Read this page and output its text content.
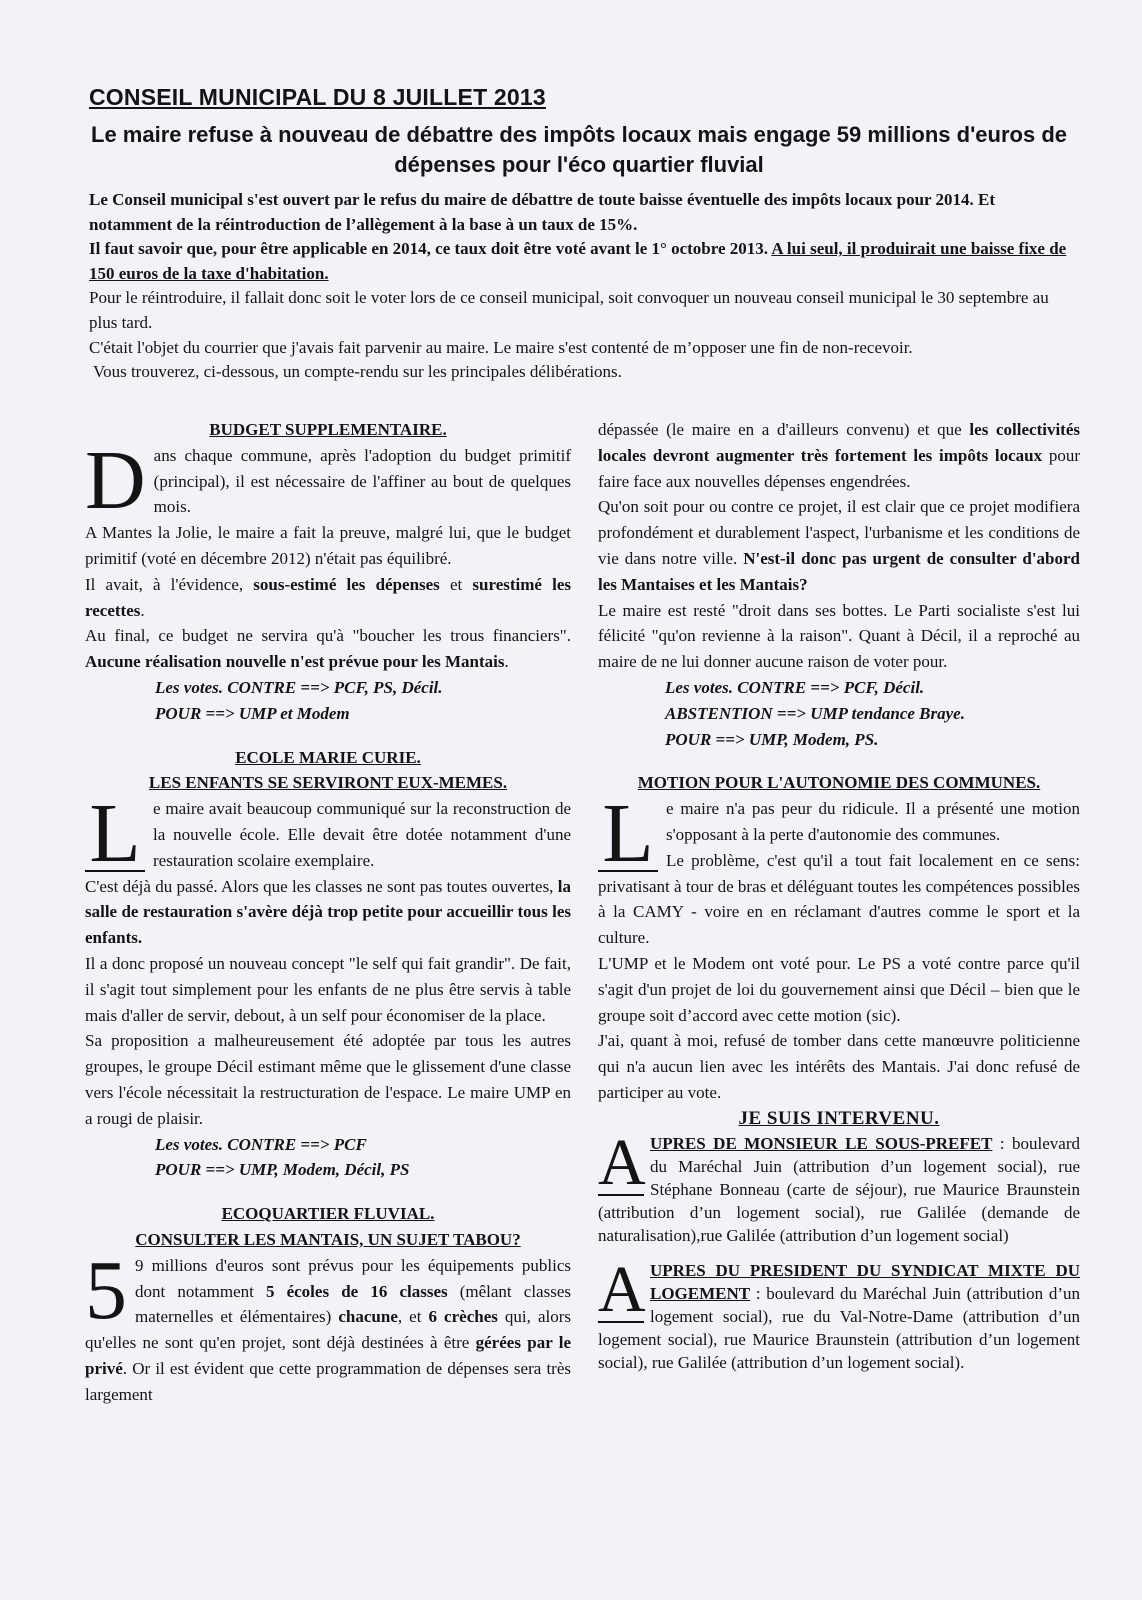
CONSEIL MUNICIPAL DU 8 JUILLET 2013
Le maire refuse à nouveau de débattre des impôts locaux mais engage 59 millions d'euros de dépenses pour l'éco quartier fluvial

Le Conseil municipal s'est ouvert par le refus du maire de débattre de toute baisse éventuelle des impôts locaux pour 2014. Et notamment de la réintroduction de l’allègement à la base à un taux de 15%.

Il faut savoir que, pour être applicable en 2014, ce taux doit être voté avant le 1° octobre 2013. A lui seul, il produirait une baisse fixe de 150 euros de la taxe d'habitation.

Pour le réintroduire, il fallait donc soit le voter lors de ce conseil municipal, soit convoquer un nouveau conseil municipal le 30 septembre au plus tard.

C'était l'objet du courrier que j'avais fait parvenir au maire. Le maire s'est contenté de m’opposer une fin de non-recevoir.

Vous trouverez, ci-dessous, un compte-rendu sur les principales délibérations.

BUDGET SUPPLEMENTAIRE.

Dans chaque commune, après l'adoption du budget primitif (principal), il est nécessaire de l'affiner au bout de quelques mois.

A Mantes la Jolie, le maire a fait la preuve, malgré lui, que le budget primitif (voté en décembre 2012) n'était pas équilibré.

Il avait, à l'évidence, sous-estimé les dépenses et surestimé les recettes.

Au final, ce budget ne servira qu'à "boucher les trous financiers". Aucune réalisation nouvelle n'est prévue pour les Mantais.

Les votes. CONTRE ==> PCF, PS, Décil.

POUR ==> UMP et Modem

ECOLE MARIE CURIE.

LES ENFANTS SE SERVIRONT EUX-MEMES.

L e maire avait beaucoup communiqué sur la reconstruction de la nouvelle école. Elle devait être dotée notamment d'une restauration scolaire exemplaire.

C'est déjà du passé. Alors que les classes ne sont pas toutes ouvertes, la salle de restauration s'avère déjà trop petite pour accueillir tous les enfants.

Il a donc proposé un nouveau concept "le self qui fait grandir". De fait, il s'agit tout simplement pour les enfants de ne plus être servis à table mais d'aller de servir, debout, à un self pour économiser de la place.

Sa proposition a malheureusement été adoptée par tous les autres groupes, le groupe Décil estimant même que le glissement d'une classe vers l'école nécessitait la restructuration de l'espace. Le maire UMP en a rougi de plaisir.

Les votes. CONTRE ==> PCF

POUR ==> UMP, Modem, Décil, PS

ECOQUARTIER FLUVIAL.

CONSULTER LES MANTAIS, UN SUJET TABOU?

5 9 millions d'euros sont prévus pour les équipements publics dont notamment 5 écoles de 16 classes (mêlant classes maternelles et élémentaires) chacune, et 6 crèches qui, alors qu'elles ne sont qu'en projet, sont déjà destinées à être gérées par le privé. Or il est évident que cette programmation de dépenses sera très largement

dépassée (le maire en a d'ailleurs convenu) et que les collectivités locales devront augmenter très fortement les impôts locaux pour faire face aux nouvelles dépenses engendrées.

Qu'on soit pour ou contre ce projet, il est clair que ce projet modifiera profondément et durablement l'aspect, l'urbanisme et les conditions de vie dans notre ville. N'est-il donc pas urgent de consulter d'abord les Mantaises et les Mantais?

Le maire est resté "droit dans ses bottes. Le Parti socialiste s'est lui félicité "qu'on revienne à la raison". Quant à Décil, il a reproché au maire de ne lui donner aucune raison de voter pour.

Les votes. CONTRE ==> PCF, Décil.

ABSTENTION ==> UMP tendance Braye.

POUR ==> UMP, Modem, PS.

MOTION POUR L'AUTONOMIE DES COMMUNES.

L e maire n'a pas peur du ridicule. Il a présenté une motion s'opposant à la perte d'autonomie des communes.

Le problème, c'est qu'il a tout fait localement en ce sens: privatisant à tour de bras et déléguant toutes les compétences possibles à la CAMY - voire en en réclamant d'autres comme le sport et la culture.

L'UMP et le Modem ont voté pour. Le PS a voté contre parce qu'il s'agit d'un projet de loi du gouvernement ainsi que Décil – bien que le groupe soit d’accord avec cette motion (sic).

J'ai, quant à moi, refusé de tomber dans cette manœuvre politicienne qui n'a aucun lien avec les intérêts des Mantais. J'ai donc refusé de participer au vote.

JE SUIS INTERVENU.

A UPRES DE MONSIEUR LE SOUS-PREFET : boulevard du Maréchal Juin (attribution d’un logement social), rue Stéphane Bonneau (carte de séjour), rue Maurice Braunstein (attribution d’un logement social), rue Galilée (demande de naturalisation),rue Galilée (attribution d’un logement social)

A UPRES DU PRESIDENT DU SYNDICAT MIXTE DU LOGEMENT : boulevard du Maréchal Juin (attribution d’un logement social), rue du Val-Notre-Dame (attribution d’un logement social), rue Maurice Braunstein (attribution d’un logement social), rue Galilée (attribution d’un logement social).
